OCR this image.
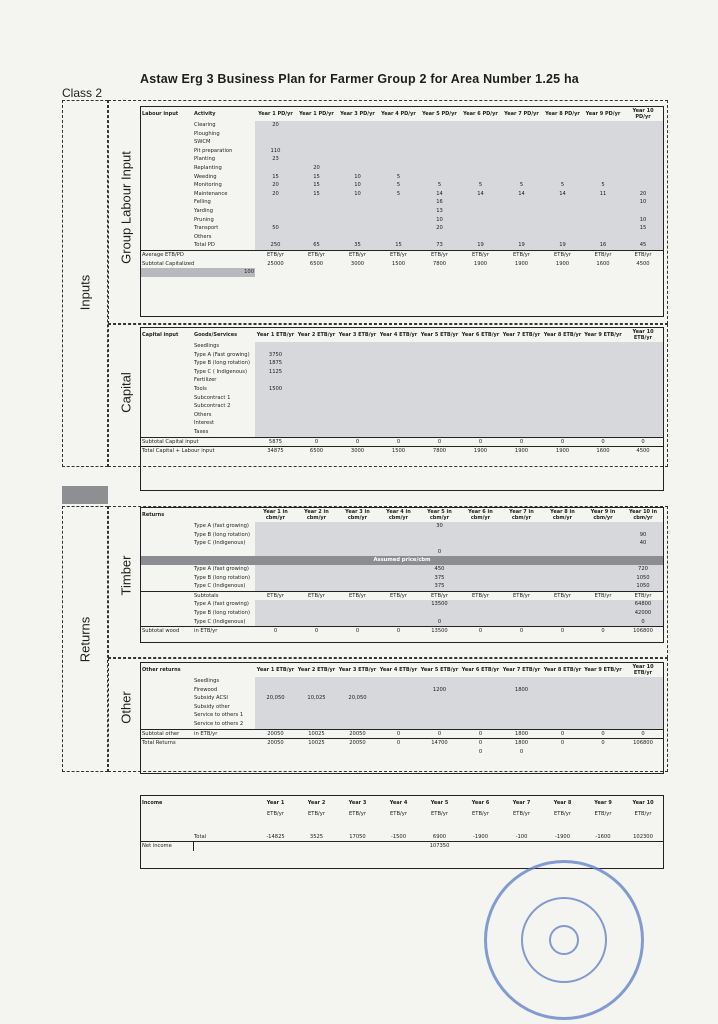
Astaw Erg 3 Business Plan for Farmer Group 2 for Area Number 1.25 ha
Class 2
Inputs
Group Labour Input
Capital
Returns
Timber
Other
Labour input	Activity	Year 1 PD/yr	Year 1 PD/yr	Year 3 PD/yr	Year 4 PD/yr	Year 5 PD/yr	Year 6 PD/yr	Year 7 PD/yr	Year 8 PD/yr	Year 9 PD/yr	Year 10 PD/yr
	Clearing	20									
	Ploughing										
	SWCM										
	Pit preparation	110									
	Planting	23									
	Replanting		20								
	Weeding	15	15	10	5						
	Monitoring	20	15	10	5	5	5	5	5	5	
	Maintenance	20	15	10	5	14	14	14	14	11	20
	Felling					16					10
	Yarding					13					
	Pruning					10					10
	Transport	50				20					15
	Others										
	Total PD	250	65	35	15	73	19	19	19	16	45
Average ETB/PD		ETB/yr	ETB/yr	ETB/yr	ETB/yr	ETB/yr	ETB/yr	ETB/yr	ETB/yr	ETB/yr	ETB/yr
Subtotal Capitalized		25000	6500	3000	1500	7800	1900	1900	1900	1600	4500
100											
Capital input	Goods/Services	Year 1 ETB/yr	Year 2 ETB/yr	Year 3 ETB/yr	Year 4 ETB/yr	Year 5 ETB/yr	Year 6 ETB/yr	Year 7 ETB/yr	Year 8 ETB/yr	Year 9 ETB/yr	Year 10 ETB/yr
	Seedlings										
	Type A (Fast growing)	3750									
	Type B (long rotation)	1875									
	Type C ( Indigenous)	1125									
	Fertilizer										
	Tools	1500									
	Subcontract 1										
	Subcontract 2										
	Others										
	Interest										
	Taxes										
Subtotal Capital input		5875	0	0	0	0	0	0	0	0	0
Total Capital + Labour input		34875	6500	3000	1500	7800	1900	1900	1900	1600	4500
Returns		Year 1 in cbm/yr	Year 2 in cbm/yr	Year 3 in cbm/yr	Year 4 in cbm/yr	Year 5 in cbm/yr	Year 6 in cbm/yr	Year 7 in cbm/yr	Year 8 in cbm/yr	Year 9 in cbm/yr	Year 10 in cbm/yr
	Type A (fast growing)					30					
	Type B (long rotation)										90
	Type C (Indigenous)										40
						0					
Assumed price/cbm											
	Type A (fast growing)					450					720
	Type B (long rotation)					375					1050
	Type C (Indigenous)					375					1050
	Subtotals	ETB/yr	ETB/yr	ETB/yr	ETB/yr	ETB/yr	ETB/yr	ETB/yr	ETB/yr	ETB/yr	ETB/yr
	Type A (fast growing)					13500					64800
	Type B (long rotation)										42000
	Type C (Indigenous)					0					0
Subtotal wood	in ETB/yr	0	0	0	0	13500	0	0	0	0	106800
Other returns		Year 1 ETB/yr	Year 2 ETB/yr	Year 3 ETB/yr	Year 4 ETB/yr	Year 5 ETB/yr	Year 6 ETB/yr	Year 7 ETB/yr	Year 8 ETB/yr	Year 9 ETB/yr	Year 10 ETB/yr
	Seedlings										
	Firewood					1200		1800			
	Subsidy ACSI	20,050	10,025	20,050							
	Subsidy other										
	Service to others 1										
	Service to others 2										
Subtotal other	in ETB/yr	20050	10025	20050	0	0	0	1800	0	0	0
Total Returns		20050	10025	20050	0	14700	0	1800	0	0	106800
							0	0			
Income		Year 1	Year 2	Year 3	Year 4	Year 5	Year 6	Year 7	Year 8	Year 9	Year 10
		ETB/yr	ETB/yr	ETB/yr	ETB/yr	ETB/yr	ETB/yr	ETB/yr	ETB/yr	ETB/yr	ETB/yr

	Total	-14825	3525	17050	-1500	6900	-1900	-100	-1900	-1600	102300
Net income						107350					
